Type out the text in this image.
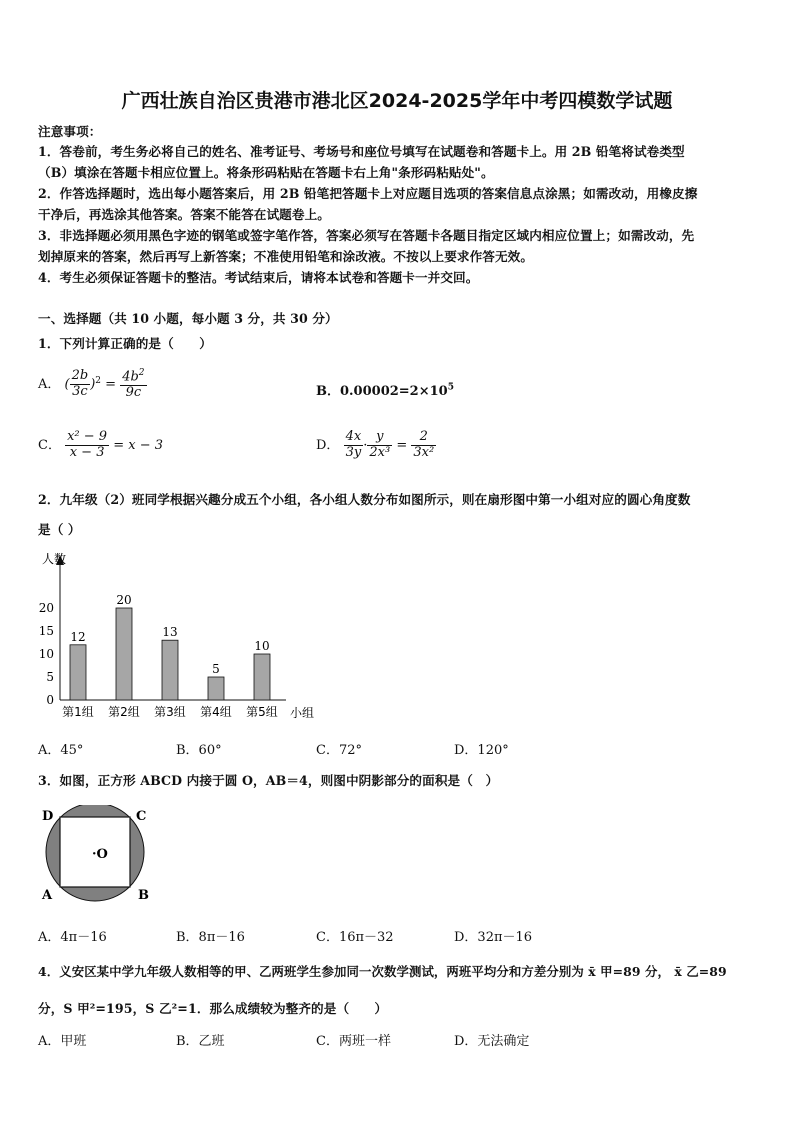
广西壮族自治区贵港市港北区2024-2025学年中考四模数学试题
注意事项：
1．答卷前，考生务必将自己的姓名、准考证号、考场号和座位号填写在试题卷和答题卡上。用 2B 铅笔将试卷类型
（B）填涂在答题卡相应位置上。将条形码粘贴在答题卡右上角"条形码粘贴处"。
2．作答选择题时，选出每小题答案后，用 2B 铅笔把答题卡上对应题目选项的答案信息点涂黑；如需改动，用橡皮擦
干净后，再选涂其他答案。答案不能答在试题卷上。
3．非选择题必须用黑色字迹的钢笔或签字笔作答，答案必须写在答题卡各题目指定区域内相应位置上；如需改动，先
划掉原来的答案，然后再写上新答案；不准使用铅笔和涂改液。不按以上要求作答无效。
4．考生必须保证答题卡的整洁。考试结束后，请将本试卷和答题卡一并交回。
一、选择题（共 10 小题，每小题 3 分，共 30 分）
1．下列计算正确的是（　　）
A． ( $\frac{2b}{3c} )^2 = \frac{4b^2}{9c}$	B．$0.00002=2\times 10^5$
C． $\frac{\text{x² − 9}}{x - 3} = x - 3$	D． $\frac{4x}{3y} \cdot \frac{y}{\text{2x³}} = \frac{2}{\text{3x²}}$
2．九年级（2）班同学根据兴趣分成五个小组，各小组人数分布如图所示，则在扇形图中第一小组对应的圆心角度数
是（ ）
人数
小组
0
5
10
15
20
12
第1组
20
第2组
13
第3组
5
第4组
10
第5组
A．45°	B．60°	C．72°	D．120°
3．如图，正方形 ABCD 内接于圆 O，AB＝4，则图中阴影部分的面积是（　）
D	C
A	B
·O
A．4π－16	B．8π－16	C．16π－32	D．32π－16
4．义安区某中学九年级人数相等的甲、乙两班学生参加同一次数学测试，两班平均分和方差分别为 x̄ 甲=89 分， x̄ 乙=89
分，S 甲²=195，S 乙²=1．那么成绩较为整齐的是（　　）
A．甲班	B．乙班	C．两班一样	D．无法确定
